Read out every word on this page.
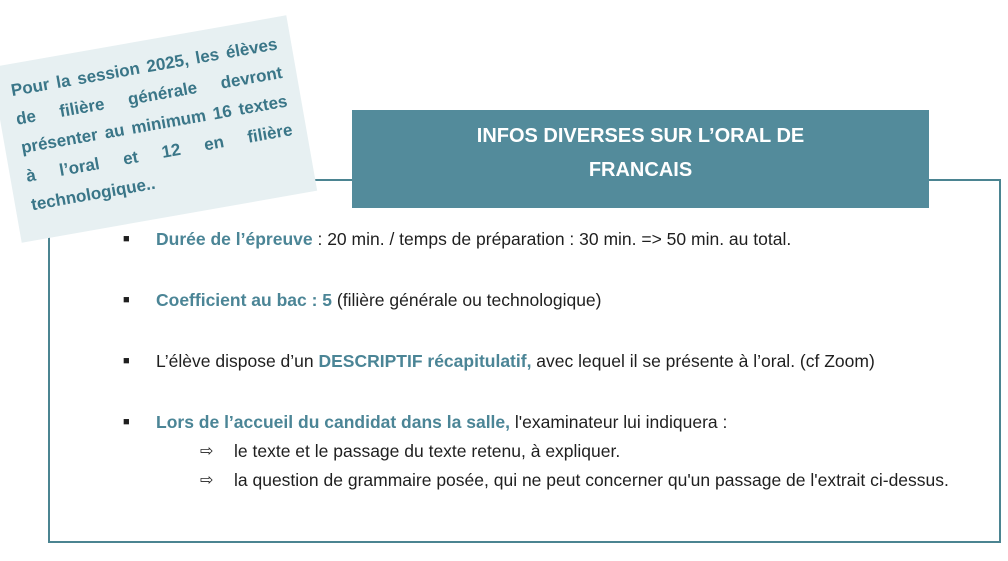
INFOS DIVERSES SUR L’ORAL DE
FRANCAIS
Pour la session 2025, les élèves de filière générale devront présenter au minimum 16 textes à l’oral et 12 en filière technologique..
■ Durée de l’épreuve : 20 min. / temps de préparation : 30 min. => 50 min. au total.
■ Coefficient au bac : 5 (filière générale ou technologique)
■ L’élève dispose d’un DESCRIPTIF récapitulatif, avec lequel il se présente à l’oral. (cf Zoom)
■ Lors de l’accueil du candidat dans la salle, l'examinateur lui indiquera :
⇨ le texte et le passage du texte retenu, à expliquer.
⇨ la question de grammaire posée, qui ne peut concerner qu'un passage de l'extrait ci-dessus.
